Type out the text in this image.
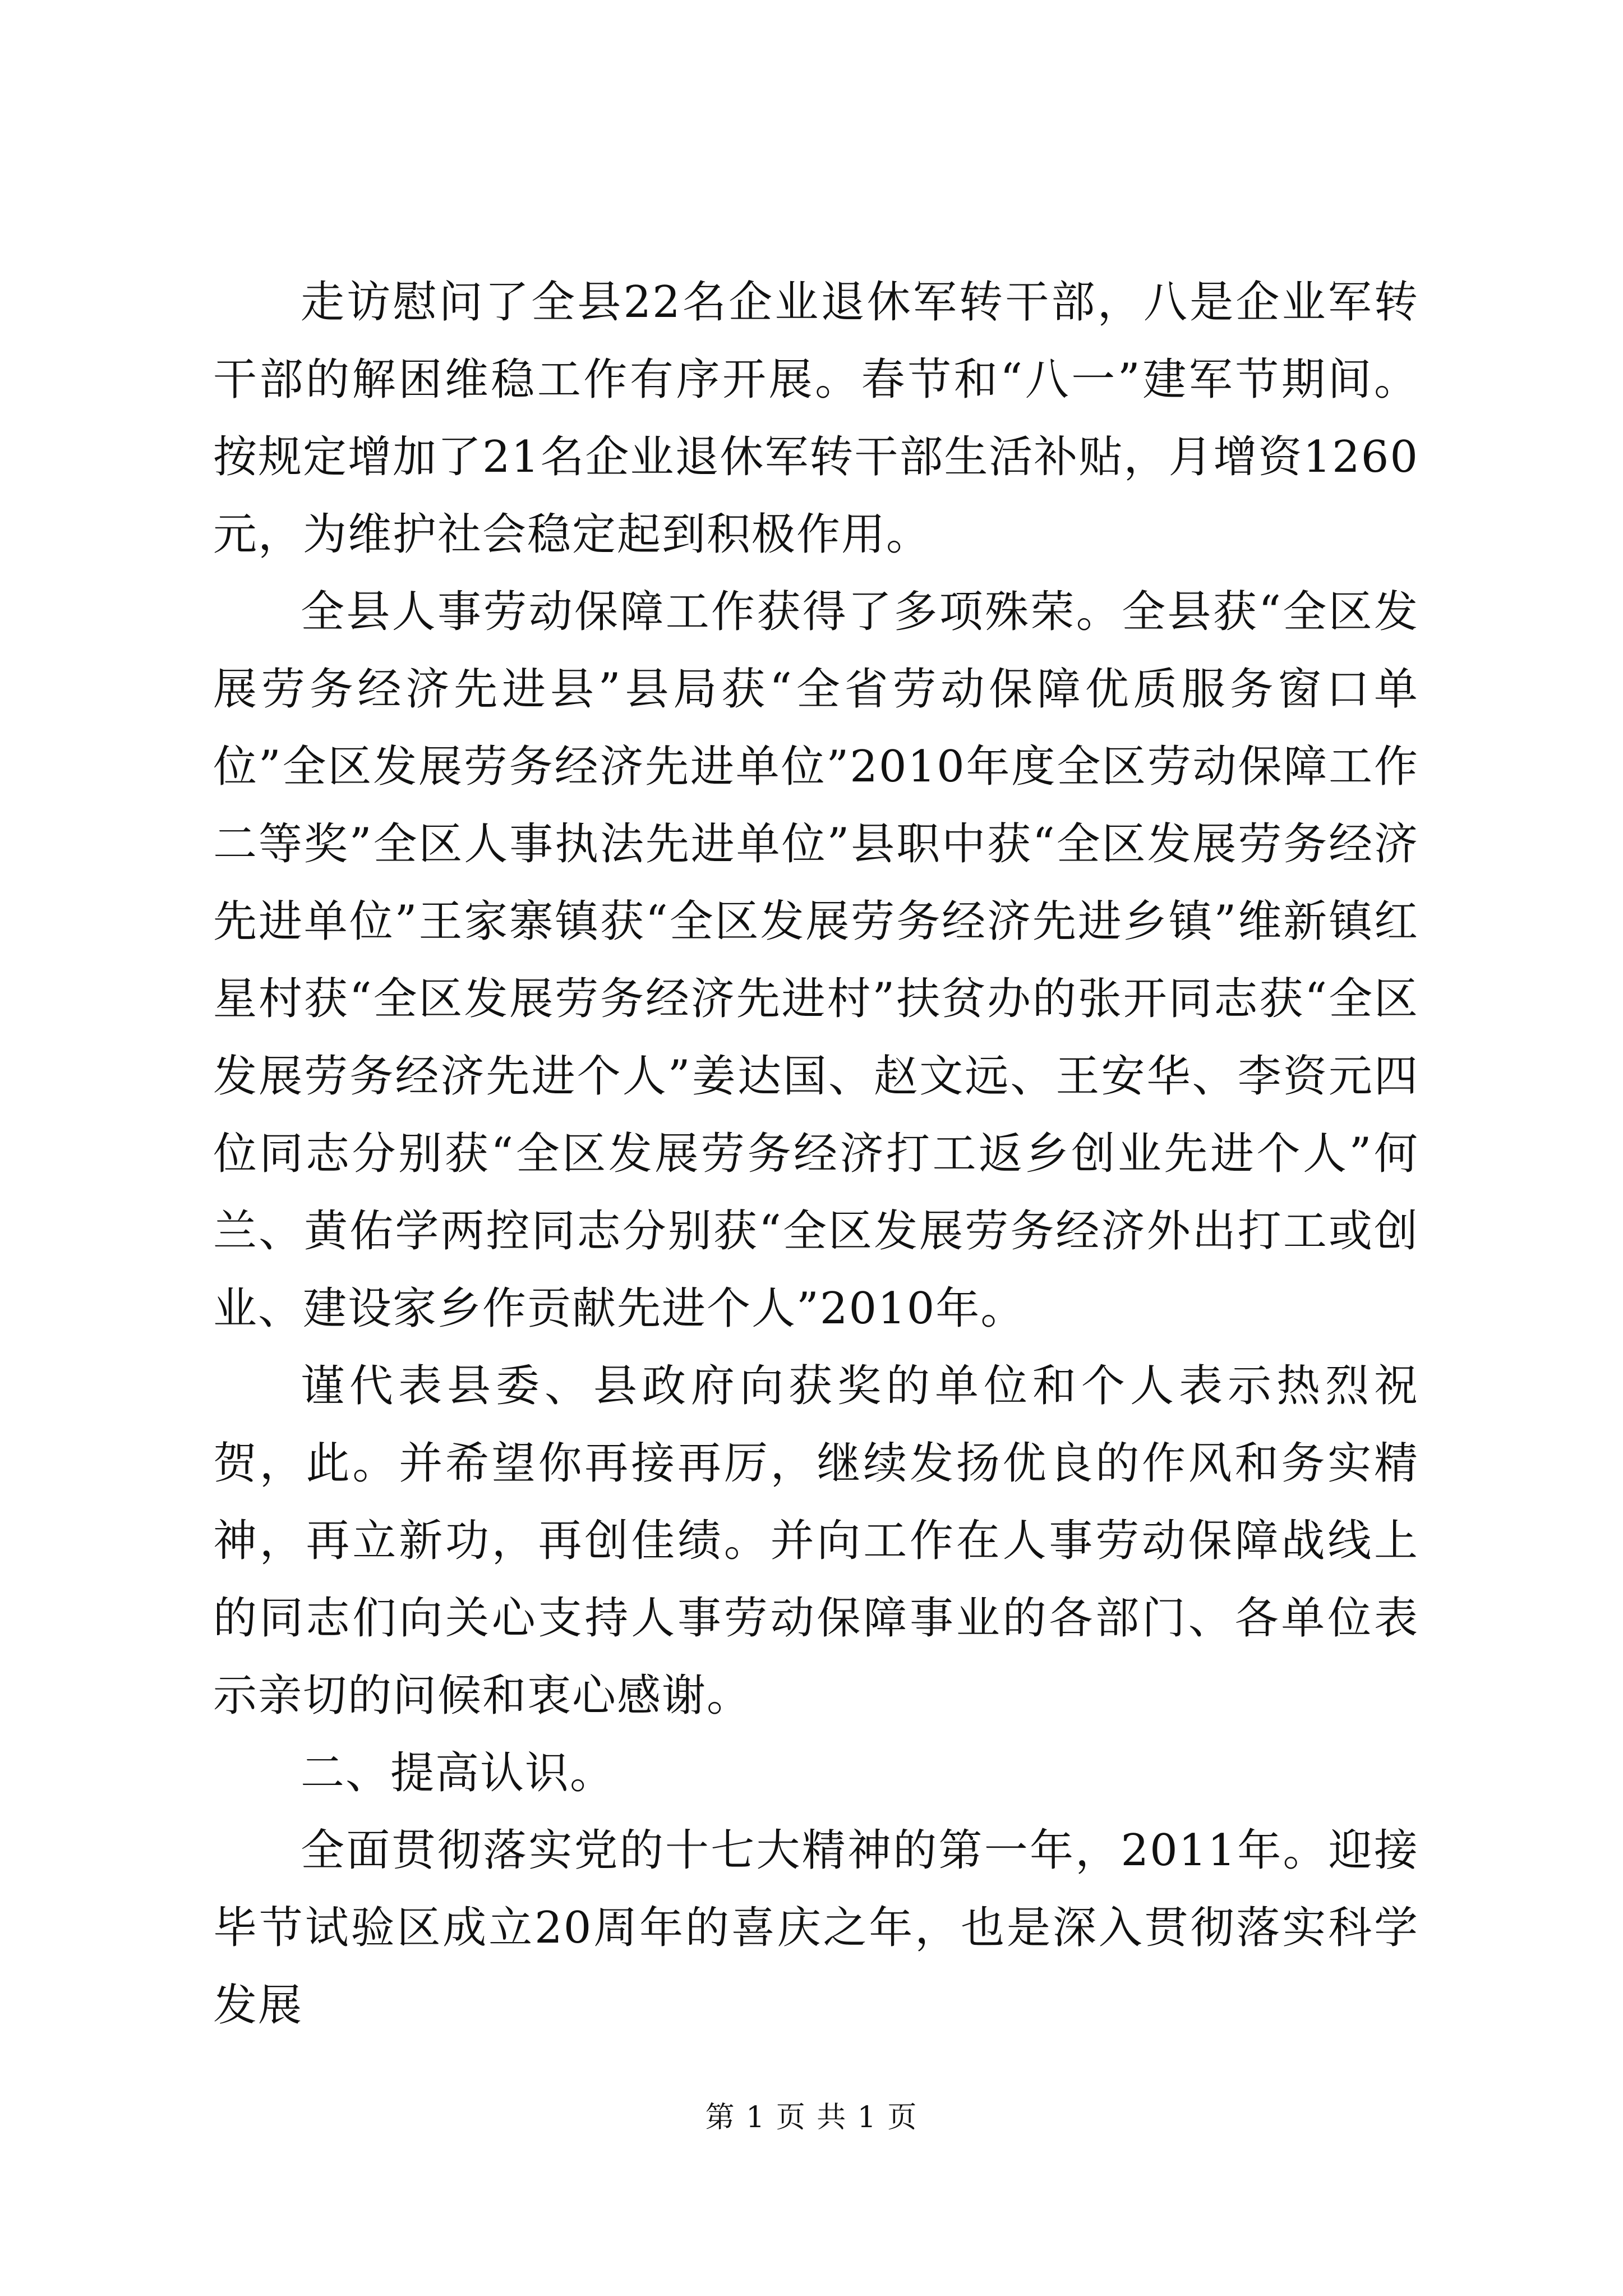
走访慰问了全县22名企业退休军转干部，八是企业军转干部的解困维稳工作有序开展。春节和“八一”建军节期间。按规定增加了21名企业退休军转干部生活补贴，月增资1260元，为维护社会稳定起到积极作用。

全县人事劳动保障工作获得了多项殊荣。全县获“全区发展劳务经济先进县”县局获“全省劳动保障优质服务窗口单位”全区发展劳务经济先进单位”2010年度全区劳动保障工作二等奖”全区人事执法先进单位”县职中获“全区发展劳务经济先进单位”王家寨镇获“全区发展劳务经济先进乡镇”维新镇红星村获“全区发展劳务经济先进村”扶贫办的张开同志获“全区发展劳务经济先进个人”姜达国、赵文远、王安华、李资元四位同志分别获“全区发展劳务经济打工返乡创业先进个人”何兰、黄佑学两控同志分别获“全区发展劳务经济外出打工或创业、建设家乡作贡献先进个人”2010年。

谨代表县委、县政府向获奖的单位和个人表示热烈祝贺，此。并希望你再接再厉，继续发扬优良的作风和务实精神，再立新功，再创佳绩。并向工作在人事劳动保障战线上的同志们向关心支持人事劳动保障事业的各部门、各单位表示亲切的问候和衷心感谢。

二、提高认识。

全面贯彻落实党的十七大精神的第一年，2011年。迎接毕节试验区成立20周年的喜庆之年，也是深入贯彻落实科学发展

第 1 页 共 1 页
